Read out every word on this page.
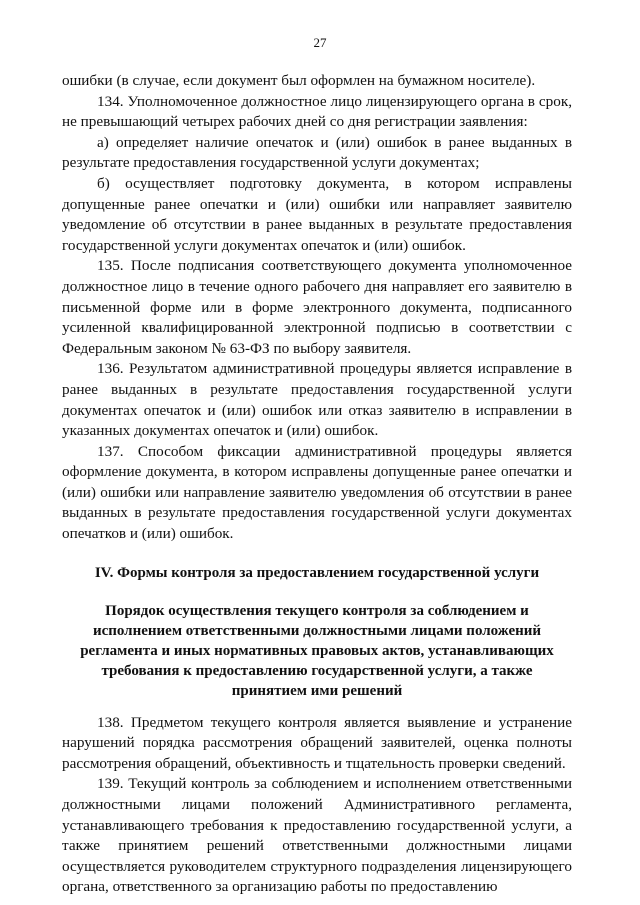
27

ошибки (в случае, если документ был оформлен на бумажном носителе).

134. Уполномоченное должностное лицо лицензирующего органа в срок, не превышающий четырех рабочих дней со дня регистрации заявления:

а) определяет наличие опечаток и (или) ошибок в ранее выданных в результате предоставления государственной услуги документах;

б) осуществляет подготовку документа, в котором исправлены допущенные ранее опечатки и (или) ошибки или направляет заявителю уведомление об отсутствии в ранее выданных в результате предоставления государственной услуги документах опечаток и (или) ошибок.

135. После подписания соответствующего документа уполномоченное должностное лицо в течение одного рабочего дня направляет его заявителю в письменной форме или в форме электронного документа, подписанного усиленной квалифицированной электронной подписью в соответствии с Федеральным законом № 63-ФЗ по выбору заявителя.

136. Результатом административной процедуры является исправление в ранее выданных в результате предоставления государственной услуги документах опечаток и (или) ошибок или отказ заявителю в исправлении в указанных документах опечаток и (или) ошибок.

137. Способом фиксации административной процедуры является оформление документа, в котором исправлены допущенные ранее опечатки и (или) ошибки или направление заявителю уведомления об отсутствии в ранее выданных в результате предоставления государственной услуги документах опечатков и (или) ошибок.

IV. Формы контроля за предоставлением государственной услуги
Порядок осуществления текущего контроля за соблюдением и исполнением ответственными должностными лицами положений регламента и иных нормативных правовых актов, устанавливающих требования к предоставлению государственной услуги, а также принятием ими решений

138. Предметом текущего контроля является выявление и устранение нарушений порядка рассмотрения обращений заявителей, оценка полноты рассмотрения обращений, объективность и тщательность проверки сведений.

139. Текущий контроль за соблюдением и исполнением ответственными должностными лицами положений Административного регламента, устанавливающего требования к предоставлению государственной услуги, а также принятием решений ответственными должностными лицами осуществляется руководителем структурного подразделения лицензирующего органа, ответственного за организацию работы по предоставлению
